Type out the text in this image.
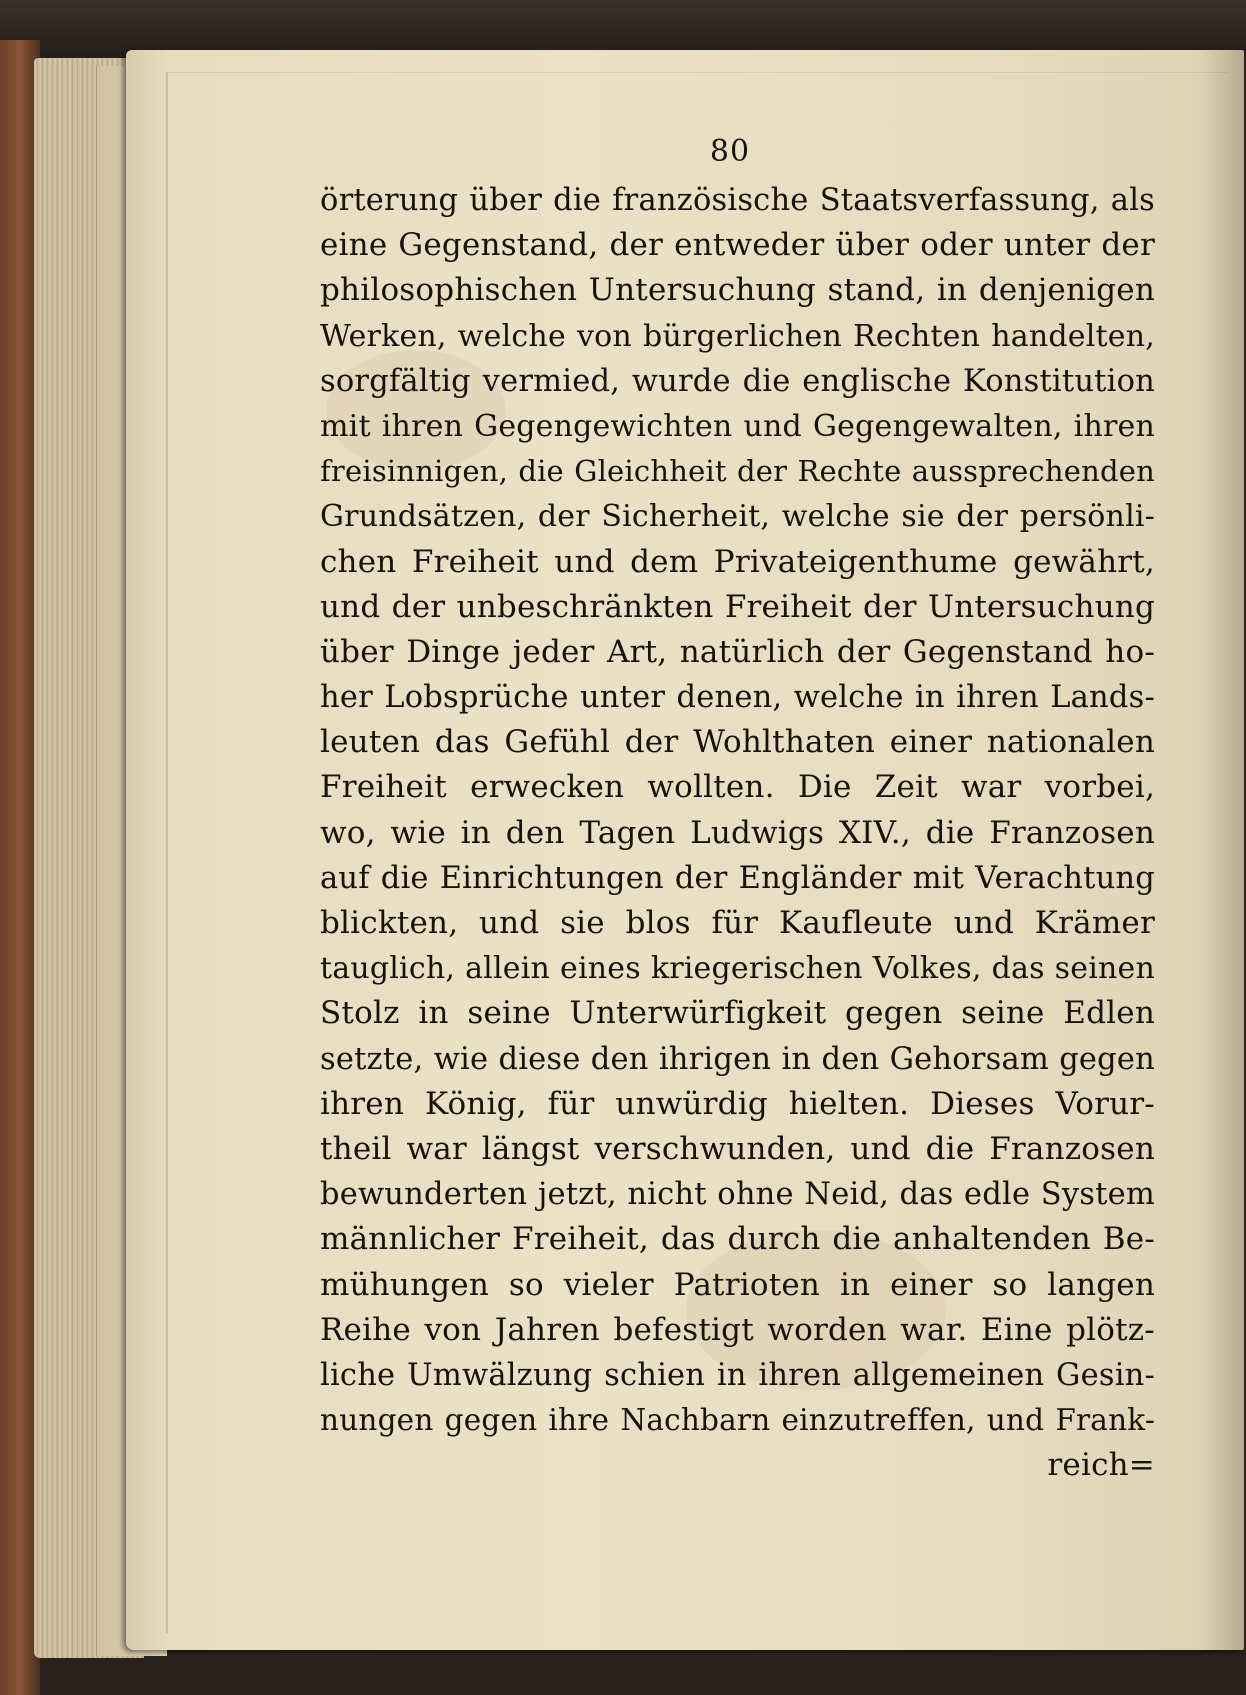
80
örterung über die französische Staatsverfassung, als
eine Gegenstand, der entweder über oder unter der
philosophischen Untersuchung stand, in denjenigen
Werken, welche von bürgerlichen Rechten handelten,
sorgfältig vermied, wurde die englische Konstitution
mit ihren Gegengewichten und Gegengewalten, ihren
freisinnigen, die Gleichheit der Rechte aussprechenden
Grundsätzen, der Sicherheit, welche sie der persönli-
chen Freiheit und dem Privateigenthume gewährt,
und der unbeschränkten Freiheit der Untersuchung
über Dinge jeder Art, natürlich der Gegenstand ho-
her Lobsprüche unter denen, welche in ihren Lands-
leuten das Gefühl der Wohlthaten einer nationalen
Freiheit erwecken wollten. Die Zeit war vorbei,
wo, wie in den Tagen Ludwigs XIV., die Franzosen
auf die Einrichtungen der Engländer mit Verachtung
blickten, und sie blos für Kaufleute und Krämer
tauglich, allein eines kriegerischen Volkes, das seinen
Stolz in seine Unterwürfigkeit gegen seine Edlen
setzte, wie diese den ihrigen in den Gehorsam gegen
ihren König, für unwürdig hielten. Dieses Vorur-
theil war längst verschwunden, und die Franzosen
bewunderten jetzt, nicht ohne Neid, das edle System
männlicher Freiheit, das durch die anhaltenden Be-
mühungen so vieler Patrioten in einer so langen
Reihe von Jahren befestigt worden war. Eine plötz-
liche Umwälzung schien in ihren allgemeinen Gesin-
nungen gegen ihre Nachbarn einzutreffen, und Frank-
reich=
